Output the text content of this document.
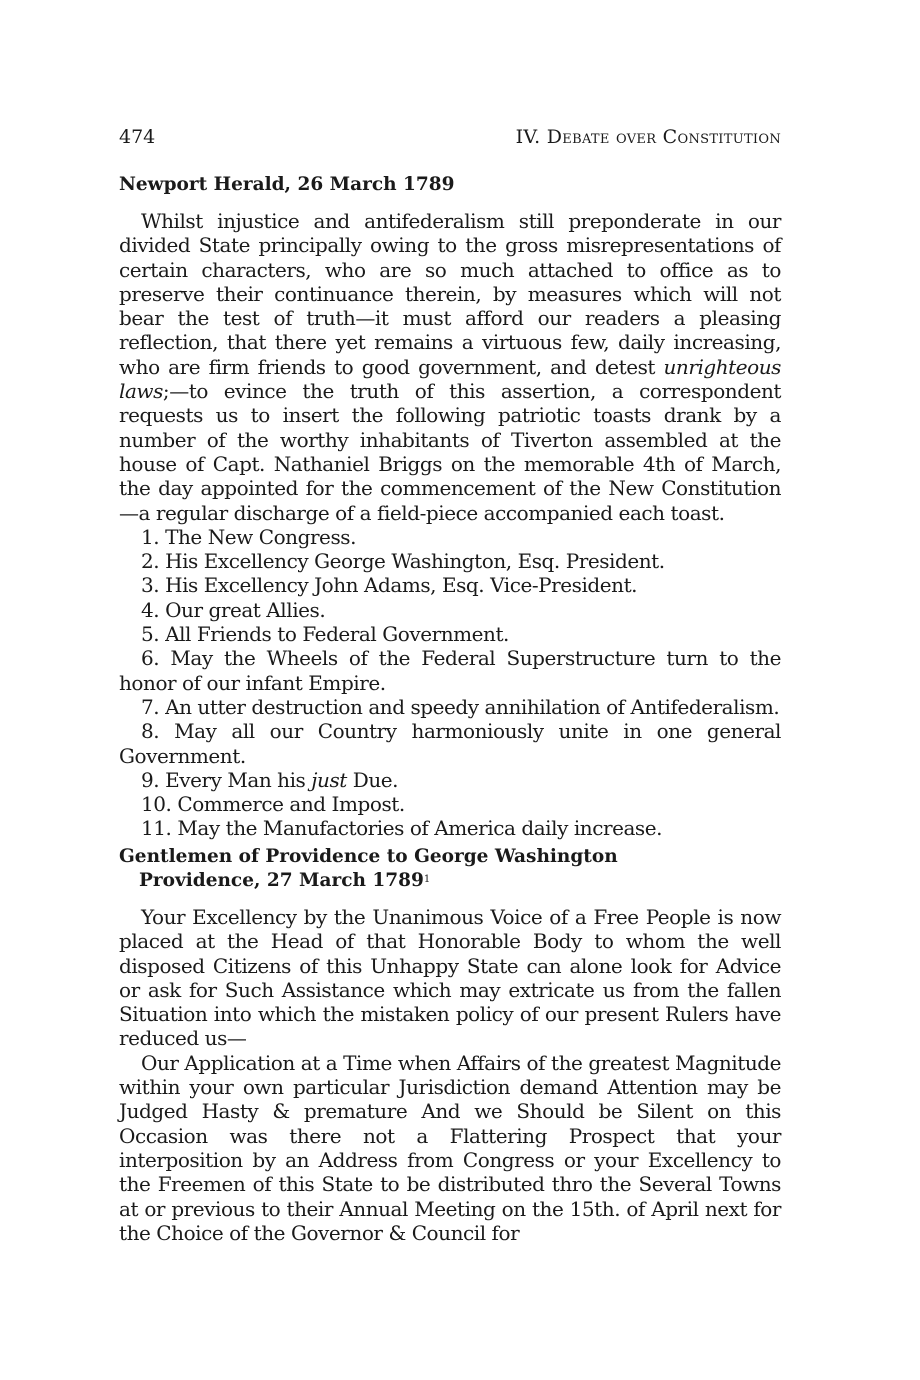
474	IV. Debate over Constitution
Newport Herald, 26 March 1789

Whilst injustice and antifederalism still preponderate in our divided State principally owing to the gross misrepresentations of certain characters, who are so much attached to office as to preserve their continuance therein, by measures which will not bear the test of truth—it must afford our readers a pleasing reflection, that there yet remains a virtuous few, daily increasing, who are firm friends to good government, and detest unrighteous laws;—to evince the truth of this assertion, a correspondent requests us to insert the following patriotic toasts drank by a number of the worthy inhabitants of Tiverton assembled at the house of Capt. Nathaniel Briggs on the memorable 4th of March, the day appointed for the commencement of the New Constitution—a regular discharge of a field-piece accompanied each toast.

1. The New Congress.

2. His Excellency George Washington, Esq. President.

3. His Excellency John Adams, Esq. Vice-President.

4. Our great Allies.

5. All Friends to Federal Government.

6. May the Wheels of the Federal Superstructure turn to the honor of our infant Empire.

7. An utter destruction and speedy annihilation of Antifederalism.

8. May all our Country harmoniously unite in one general Government.

9. Every Man his just Due.

10. Commerce and Impost.

11. May the Manufactories of America daily increase.

Gentlemen of Providence to George Washington
Providence, 27 March 1789$^1$

Your Excellency by the Unanimous Voice of a Free People is now placed at the Head of that Honorable Body to whom the well disposed Citizens of this Unhappy State can alone look for Advice or ask for Such Assistance which may extricate us from the fallen Situation into which the mistaken policy of our present Rulers have reduced us—

Our Application at a Time when Affairs of the greatest Magnitude within your own particular Jurisdiction demand Attention may be Judged Hasty & premature And we Should be Silent on this Occasion was there not a Flattering Prospect that your interposition by an Address from Congress or your Excellency to the Freemen of this State to be distributed thro the Several Towns at or previous to their Annual Meeting on the 15th. of April next for the Choice of the Governor & Council for
